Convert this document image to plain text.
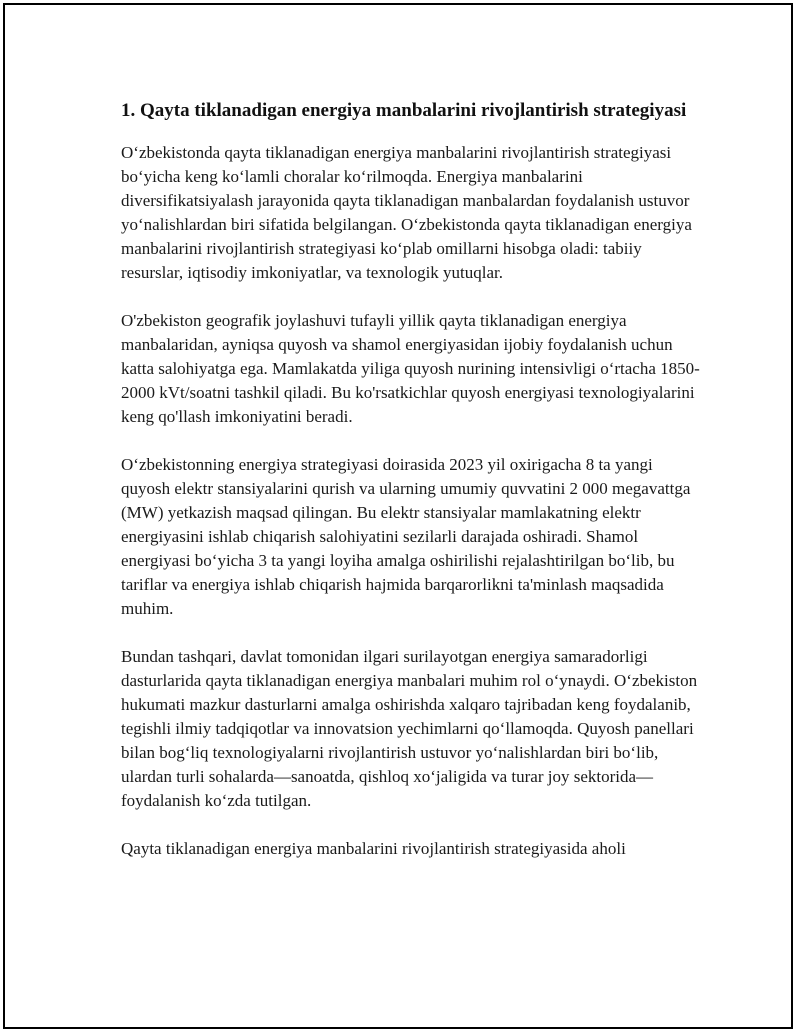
1. Qayta tiklanadigan energiya manbalarini rivojlantirish strategiyasi

O‘zbekistonda qayta tiklanadigan energiya manbalarini rivojlantirish strategiyasi bo‘yicha keng ko‘lamli choralar ko‘rilmoqda. Energiya manbalarini diversifikatsiyalash jarayonida qayta tiklanadigan manbalardan foydalanish ustuvor yo‘nalishlardan biri sifatida belgilangan. O‘zbekistonda qayta tiklanadigan energiya manbalarini rivojlantirish strategiyasi ko‘plab omillarni hisobga oladi: tabiiy resurslar, iqtisodiy imkoniyatlar, va texnologik yutuqlar.

O'zbekiston geografik joylashuvi tufayli yillik qayta tiklanadigan energiya manbalaridan, ayniqsa quyosh va shamol energiyasidan ijobiy foydalanish uchun katta salohiyatga ega. Mamlakatda yiliga quyosh nurining intensivligi o‘rtacha 1850-2000 kVt/soatni tashkil qiladi. Bu ko'rsatkichlar quyosh energiyasi texnologiyalarini keng qo'llash imkoniyatini beradi.

O‘zbekistonning energiya strategiyasi doirasida 2023 yil oxirigacha 8 ta yangi quyosh elektr stansiyalarini qurish va ularning umumiy quvvatini 2 000 megavattga (MW) yetkazish maqsad qilingan. Bu elektr stansiyalar mamlakatning elektr energiyasini ishlab chiqarish salohiyatini sezilarli darajada oshiradi. Shamol energiyasi bo‘yicha 3 ta yangi loyiha amalga oshirilishi rejalashtirilgan bo‘lib, bu tariflar va energiya ishlab chiqarish hajmida barqarorlikni ta'minlash maqsadida muhim.

Bundan tashqari, davlat tomonidan ilgari surilayotgan energiya samaradorligi dasturlarida qayta tiklanadigan energiya manbalari muhim rol o‘ynaydi. O‘zbekiston hukumati mazkur dasturlarni amalga oshirishda xalqaro tajribadan keng foydalanib, tegishli ilmiy tadqiqotlar va innovatsion yechimlarni qo‘llamoqda. Quyosh panellari bilan bog‘liq texnologiyalarni rivojlantirish ustuvor yo‘nalishlardan biri bo‘lib, ulardan turli sohalarda—sanoatda, qishloq xo‘jaligida va turar joy sektorida—foydalanish ko‘zda tutilgan.

Qayta tiklanadigan energiya manbalarini rivojlantirish strategiyasida aholi
